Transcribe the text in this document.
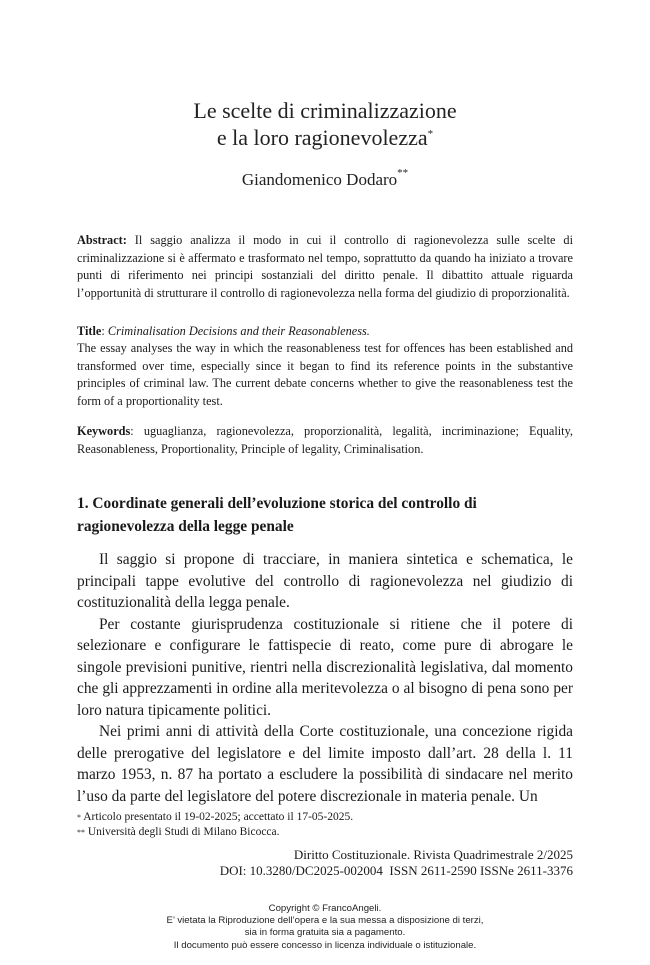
Le scelte di criminalizzazione
e la loro ragionevolezza*
Giandomenico Dodaro**
Abstract: Il saggio analizza il modo in cui il controllo di ragionevolezza sulle scelte di criminalizzazione si è affermato e trasformato nel tempo, soprattutto da quando ha iniziato a trovare punti di riferimento nei principi sostanziali del diritto penale. Il dibattito attuale riguarda l’opportunità di strutturare il controllo di ragionevolezza nella forma del giudizio di proporzionalità.
Title: Criminalisation Decisions and their Reasonableness.
The essay analyses the way in which the reasonableness test for offences has been established and transformed over time, especially since it began to find its reference points in the substantive principles of criminal law. The current debate concerns whether to give the reasonableness test the form of a proportionality test.
Keywords: uguaglianza, ragionevolezza, proporzionalità, legalità, incriminazione; Equality, Reasonableness, Proportionality, Principle of legality, Criminalisation.
1. Coordinate generali dell’evoluzione storica del controllo di ragionevolezza della legge penale

Il saggio si propone di tracciare, in maniera sintetica e schematica, le principali tappe evolutive del controllo di ragionevolezza nel giudizio di costituzionalità della legga penale.

Per costante giurisprudenza costituzionale si ritiene che il potere di selezionare e configurare le fattispecie di reato, come pure di abrogare le singole previsioni punitive, rientri nella discrezionalità legislativa, dal momento che gli apprezzamenti in ordine alla meritevolezza o al bisogno di pena sono per loro natura tipicamente politici.

Nei primi anni di attività della Corte costituzionale, una concezione rigida delle prerogative del legislatore e del limite imposto dall’art. 28 della l. 11 marzo 1953, n. 87 ha portato a escludere la possibilità di sindacare nel merito l’uso da parte del legislatore del potere discrezionale in materia penale. Un

* Articolo presentato il 19-02-2025; accettato il 17-05-2025.

** Università degli Studi di Milano Bicocca.

Diritto Costituzionale. Rivista Quadrimestrale 2/2025
DOI: 10.3280/DC2025-002004  ISSN 2611-2590 ISSNe 2611-3376
Copyright © FrancoAngeli.
E’ vietata la Riproduzione dell’opera e la sua messa a disposizione di terzi,
sia in forma gratuita sia a pagamento.
Il documento può essere concesso in licenza individuale o istituzionale.
